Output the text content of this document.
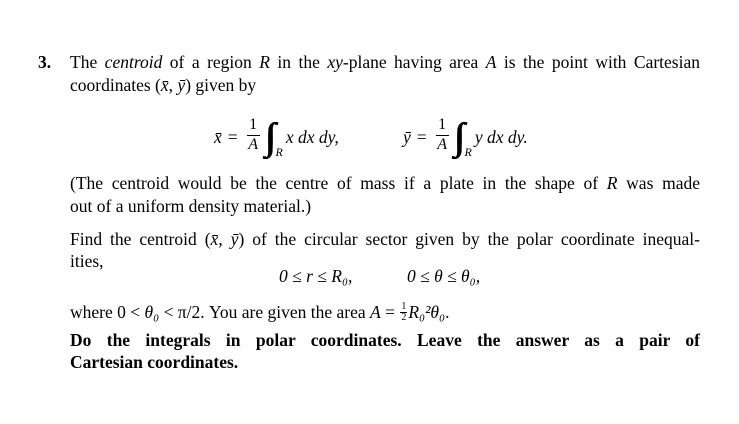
3. The centroid of a region R in the xy-plane having area A is the point with Cartesian
coordinates (x̄, ȳ) given by
x̄ = $\frac{1}{A}$ ∫∫ R
x dx dy,	ȳ = $\frac{1}{A}$ ∫∫ R
y dx dy.
(The centroid would be the centre of mass if a plate in the shape of R was made
out of a uniform density material.)
Find the centroid (x̄, ȳ) of the circular sector given by the polar coordinate inequal-
ities,
0 ≤ r ≤ R₀,	0 ≤ θ ≤ θ₀,
where 0 < θ₀ < π/2. You are given the area $A = \frac{1}{2} R_0^2\theta_0$.
Do the integrals in polar coordinates. Leave the answer as a pair of
Cartesian coordinates.
